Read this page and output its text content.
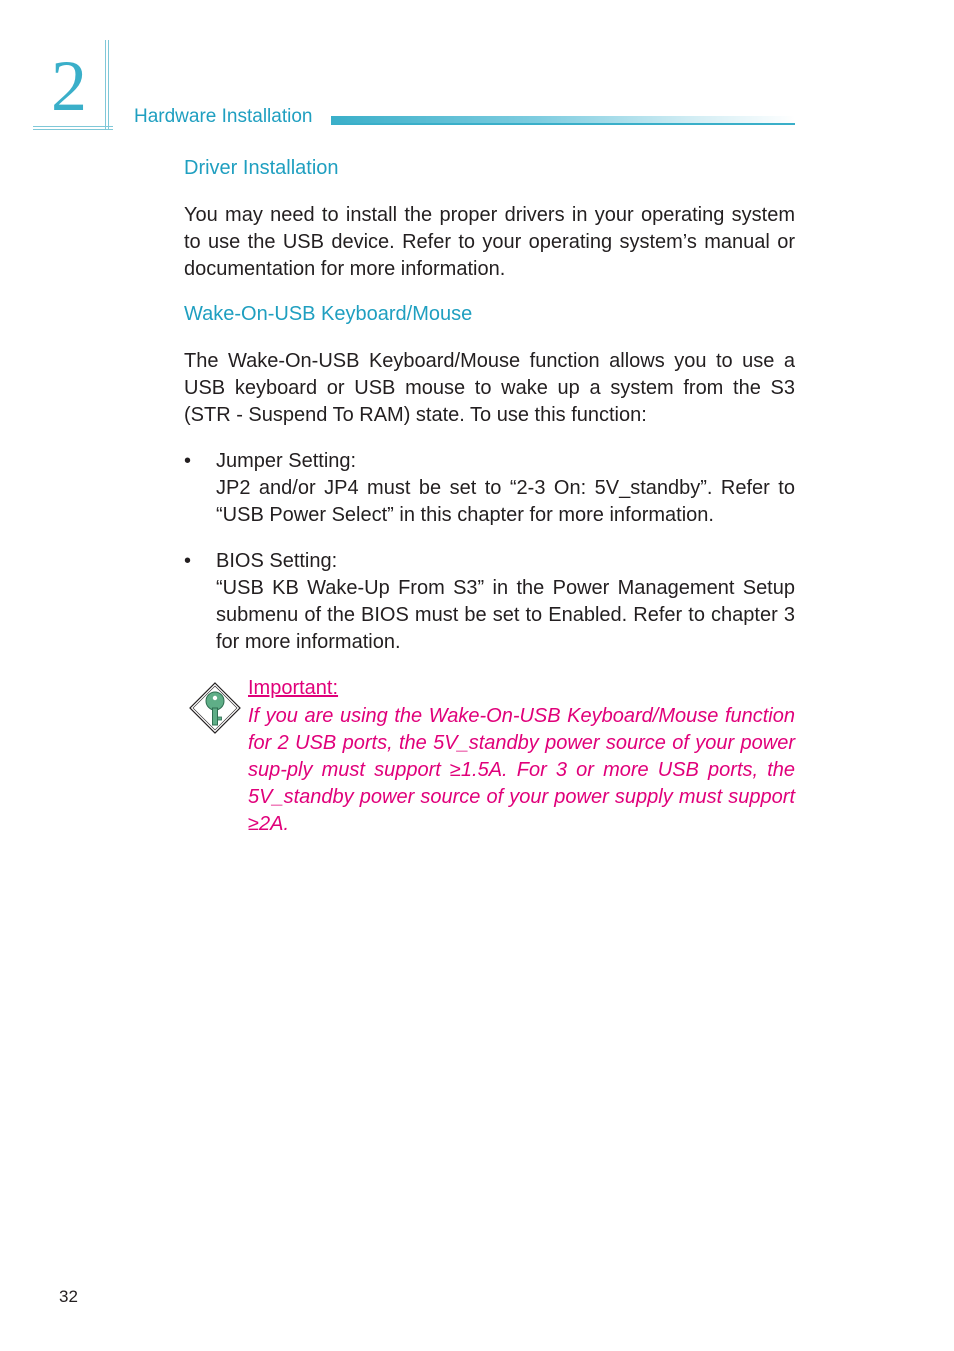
2 Hardware Installation
Driver Installation

You may need to install the proper drivers in your operating system to use the USB device. Refer to your operating system’s manual or documentation for more information.

Wake-On-USB Keyboard/Mouse

The Wake-On-USB Keyboard/Mouse function allows you to use a USB keyboard or USB mouse to wake up a system from the S3 (STR - Suspend To RAM) state. To use this function:

• Jumper Setting:

JP2 and/or JP4 must be set to “2-3 On: 5V_standby”. Refer to “USB Power Select” in this chapter for more information.

• BIOS Setting:

“USB KB Wake-Up From S3” in the Power Management Setup submenu of the BIOS must be set to Enabled. Refer to chapter 3 for more information.

Important:

If you are using the Wake-On-USB Keyboard/Mouse function for 2 USB ports, the 5V_standby power source of your power sup-ply must support ≥1.5A. For 3 or more USB ports, the 5V_standby power source of your power supply must support ≥2A.

32
